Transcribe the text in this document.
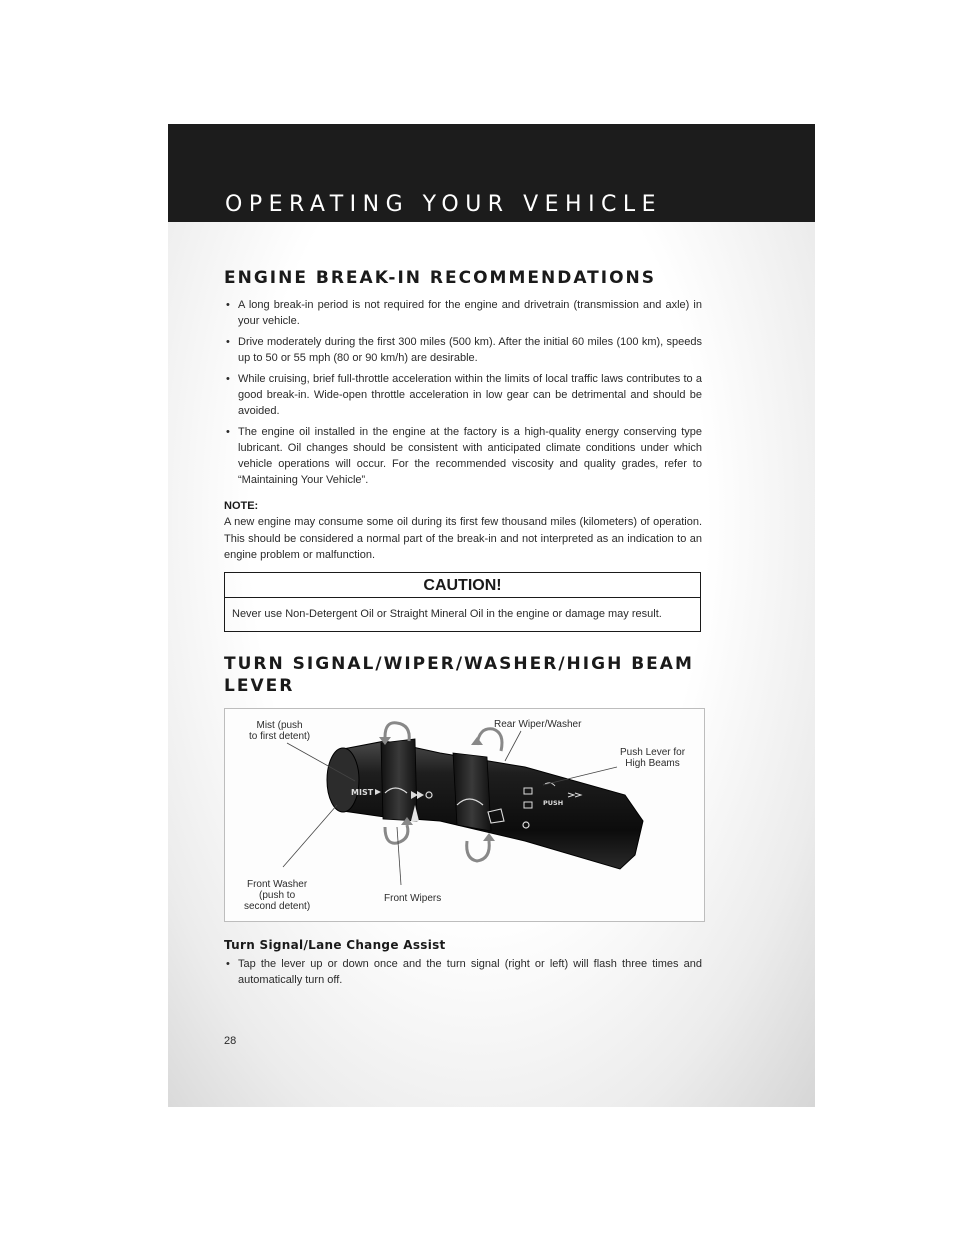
OPERATING YOUR VEHICLE
ENGINE BREAK-IN RECOMMENDATIONS
• A long break-in period is not required for the engine and drivetrain (transmission and axle) in your vehicle.
• Drive moderately during the first 300 miles (500 km). After the initial 60 miles (100 km), speeds up to 50 or 55 mph (80 or 90 km/h) are desirable.
• While cruising, brief full-throttle acceleration within the limits of local traffic laws contributes to a good break-in. Wide-open throttle acceleration in low gear can be detrimental and should be avoided.
• The engine oil installed in the engine at the factory is a high-quality energy conserving type lubricant. Oil changes should be consistent with anticipated climate conditions under which vehicle operations will occur. For the recommended viscosity and quality grades, refer to “Maintaining Your Vehicle”.
NOTE:
A new engine may consume some oil during its first few thousand miles (kilometers) of operation. This should be considered a normal part of the break-in and not interpreted as an indication to an engine problem or malfunction.
CAUTION!
Never use Non-Detergent Oil or Straight Mineral Oil in the engine or damage may result.
TURN SIGNAL/WIPER/WASHER/HIGH BEAM
LEVER
MIST
PUSH
Mist (push
to first detent)
Rear Wiper/Washer
Push Lever for
High Beams
Front Washer
(push to
second detent)
Front Wipers
Turn Signal/Lane Change Assist
• Tap the lever up or down once and the turn signal (right or left) will flash three times and automatically turn off.
28
